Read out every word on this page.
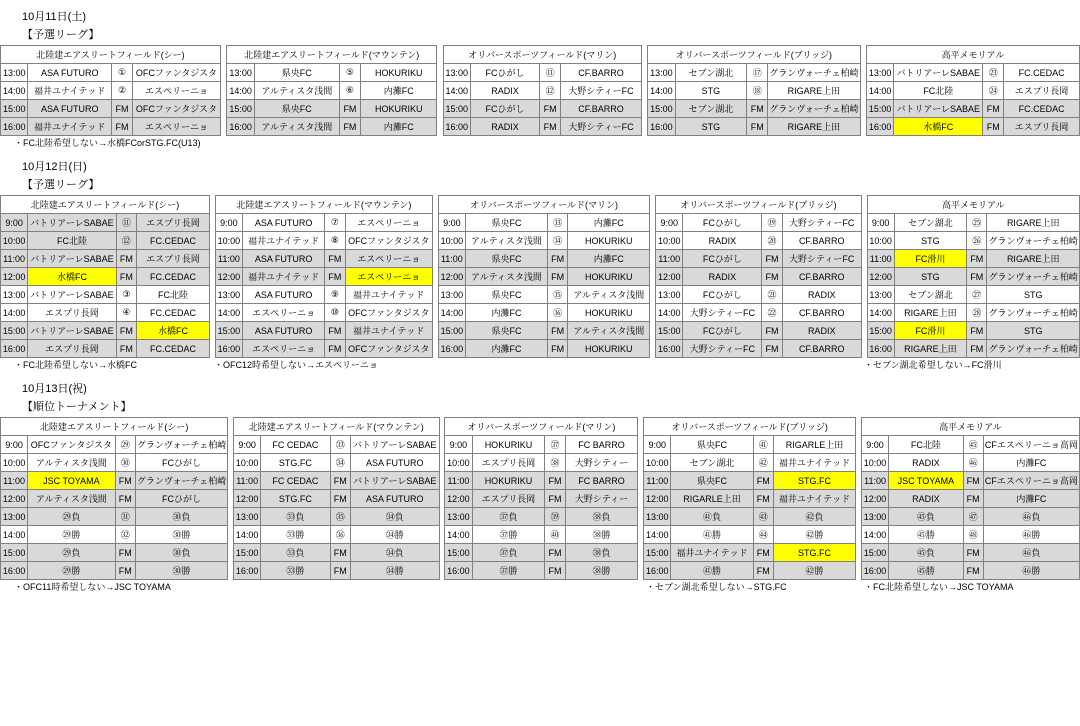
10月11日(土)
【予選リーグ】
北陸建エアスリートフィールド(シー)					北陸建エアスリートフィールド(マウンテン)					オリバースポーツフィールド(マリン)					オリバースポーツフィールド(ブリッジ)					高平メモリアル			
13:00	ASA FUTURO	①	OFCファンタジスタ		13:00	県央FC	⑤	HOKURIKU		13:00	FCひがし	⑪	CF.BARRO		13:00	セブン湖北	⑰	グランヴォーチェ柏崎		13:00	バトリアーレSABAE	㉓	FC.CEDAC
14:00	福井ユナイテッド	②	エスペリーニョ		14:00	アルティスタ浅間	⑥	内灘FC		14:00	RADIX	⑫	大野シティーFC		14:00	STG	⑱	RIGARE上田		14:00	FC北陸	㉔	エスプリ長岡
15:00	ASA FUTURO	FM	OFCファンタジスタ		15:00	県央FC	FM	HOKURIKU		15:00	FCひがし	FM	CF.BARRO		15:00	セブン湖北	FM	グランヴォーチェ柏崎		15:00	バトリアーレSABAE	FM	FC.CEDAC
16:00	福井ユナイテッド	FM	エスペリーニョ		16:00	アルティスタ浅間	FM	内灘FC		16:00	RADIX	FM	大野シティーFC		16:00	STG	FM	RIGARE上田		16:00	水橋FC	FM	エスプリ長岡
・FC北陸希望しない→水橋FCorSTG.FC(U13)
10月12日(日)
【予選リーグ】
北陸建エアスリートフィールド(シー)					北陸建エアスリートフィールド(マウンテン)					オリバースポーツフィールド(マリン)					オリバースポーツフィールド(ブリッジ)					高平メモリアル			
9:00	バトリアーレSABAE	⑪	エスプリ長岡		9:00	ASA FUTURO	⑦	エスペリーニョ		9:00	県央FC	⑬	内灘FC		9:00	FCひがし	⑲	大野シティーFC		9:00	セブン湖北	㉕	RIGARE上田
10:00	FC北陸	⑫	FC.CEDAC		10:00	福井ユナイテッド	⑧	OFCファンタジスタ		10:00	アルティスタ浅間	⑭	HOKURIKU		10:00	RADIX	⑳	CF.BARRO		10:00	STG	㉖	グランヴォーチェ柏崎
11:00	バトリアーレSABAE	FM	エスプリ長岡		11:00	ASA FUTURO	FM	エスペリーニョ		11:00	県央FC	FM	内灘FC		11:00	FCひがし	FM	大野シティーFC		11:00	FC滑川	FM	RIGARE上田
12:00	水橋FC	FM	FC.CEDAC		12:00	福井ユナイテッド	FM	エスペリーニョ		12:00	アルティスタ浅間	FM	HOKURIKU		12:00	RADIX	FM	CF.BARRO		12:00	STG	FM	グランヴォーチェ柏崎
13:00	バトリアーレSABAE	③	FC北陸		13:00	ASA FUTURO	⑨	福井ユナイテッド		13:00	県央FC	⑮	アルティスタ浅間		13:00	FCひがし	㉑	RADIX		13:00	セブン湖北	㉗	STG
14:00	エスプリ長岡	④	FC.CEDAC		14:00	エスペリーニョ	⑩	OFCファンタジスタ		14:00	内灘FC	⑯	HOKURIKU		14:00	大野シティーFC	㉒	CF.BARRO		14:00	RIGARE上田	㉘	グランヴォーチェ柏崎
15:00	バトリアーレSABAE	FM	水橋FC		15:00	ASA FUTURO	FM	福井ユナイテッド		15:00	県央FC	FM	アルティスタ浅間		15:00	FCひがし	FM	RADIX		15:00	FC滑川	FM	STG
16:00	エスプリ長岡	FM	FC.CEDAC		16:00	エスペリーニョ	FM	OFCファンタジスタ		16:00	内灘FC	FM	HOKURIKU		16:00	大野シティーFC	FM	CF.BARRO		16:00	RIGARE上田	FM	グランヴォーチェ柏崎
・FC北陸希望しない→水橋FC	・OFC12時希望しない→エスペリーニョ	・セブン湖北希望しない→FC滑川
10月13日(祝)
【順位トーナメント】
北陸建エアスリートフィールド(シー)					北陸建エアスリートフィールド(マウンテン)					オリバースポーツフィールド(マリン)					オリバースポーツフィールド(ブリッジ)					高平メモリアル			
9:00	OFCファンタジスタ	㉙	グランヴォーチェ柏崎		9:00	FC CEDAC	㉝	バトリアーレSABAE		9:00	HOKURIKU	㊲	FC BARRO		9:00	県央FC	㊶	RIGARLE上田		9:00	FC北陸	㊺	CFエスペリーニョ高岡
10:00	アルティスタ浅間	㉚	FCひがし		10:00	STG.FC	㉞	ASA FUTURO		10:00	エスプリ長岡	㊳	大野シティー		10:00	セブン湖北	㊷	福井ユナイテッド		10:00	RADIX	㊻	内灘FC
11:00	JSC TOYAMA	FM	グランヴォーチェ柏崎		11:00	FC CEDAC	FM	バトリアーレSABAE		11:00	HOKURIKU	FM	FC BARRO		11:00	県央FC	FM	STG.FC		11:00	JSC TOYAMA	FM	CFエスペリーニョ高岡
12:00	アルティスタ浅間	FM	FCひがし		12:00	STG.FC	FM	ASA FUTURO		12:00	エスプリ長岡	FM	大野シティー		12:00	RIGARLE上田	FM	福井ユナイテッド		12:00	RADIX	FM	内灘FC
13:00	㉙負	㉛	㉚負		13:00	㉝負	㉟	㉞負		13:00	㊲負	㊴	㊳負		13:00	㊶負	㊸	㊷負		13:00	㊺負	㊼	㊻負
14:00	㉙勝	㉜	㉚勝		14:00	㉝勝	㊱	㉞勝		14:00	㊲勝	㊵	㊳勝		14:00	㊶勝	㊹	㊷勝		14:00	㊺勝	㊽	㊻勝
15:00	㉙負	FM	㉚負		15:00	㉝負	FM	㉞負		15:00	㊲負	FM	㊳負		15:00	福井ユナイテッド	FM	STG.FC		15:00	㊺負	FM	㊻負
16:00	㉙勝	FM	㉚勝		16:00	㉝勝	FM	㉞勝		16:00	㊲勝	FM	㊳勝		16:00	㊶勝	FM	㊷勝		16:00	㊺勝	FM	㊻勝
・OFC11時希望しない→JSC TOYAMA	・セブン湖北希望しない→STG.FC	・FC北陸希望しない→JSC TOYAMA
